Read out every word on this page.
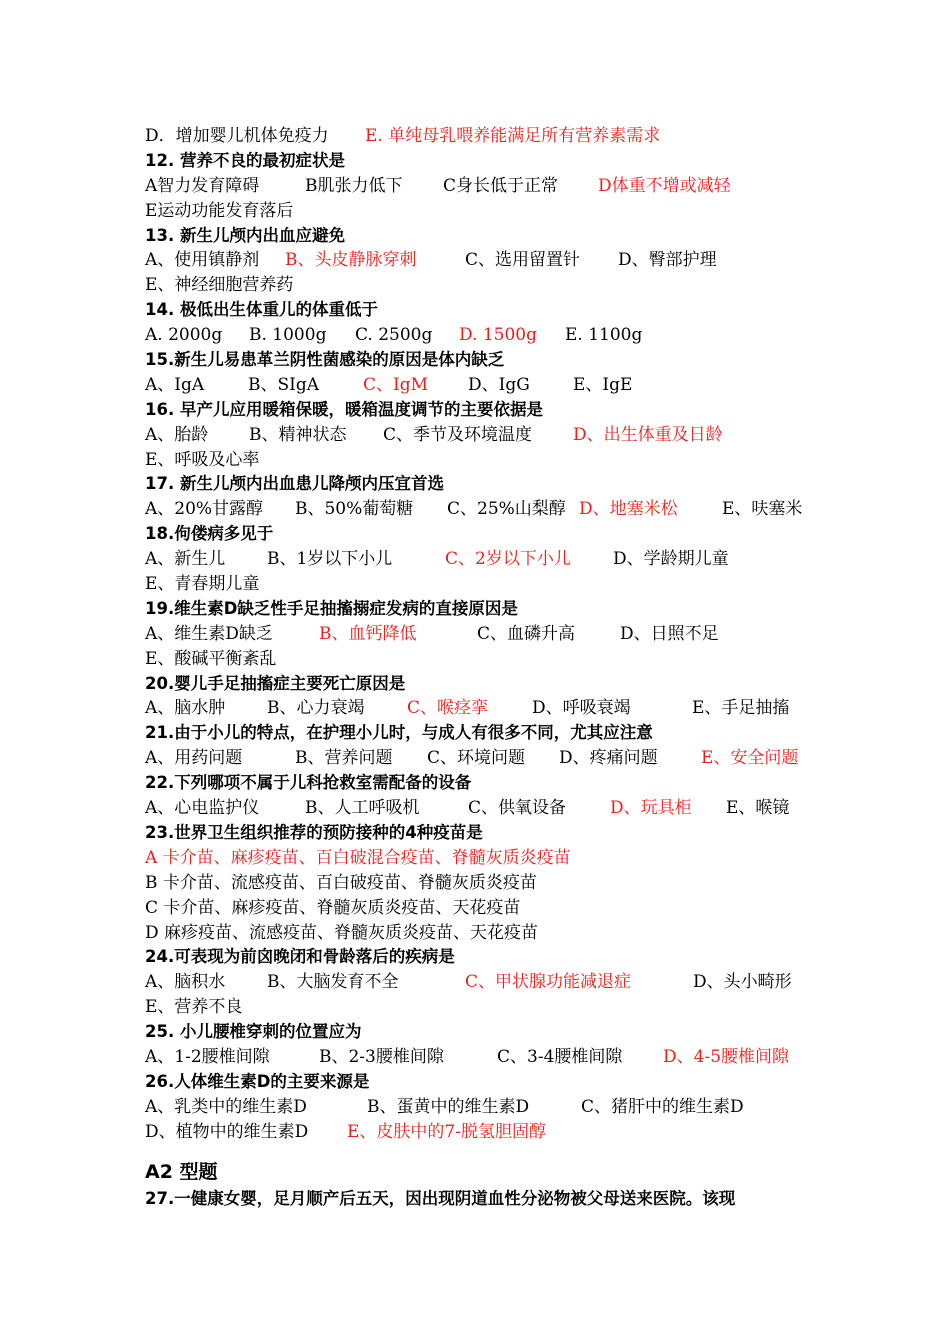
D．增加婴儿机体免疫力 E. 单纯母乳喂养能满足所有营养素需求
12. 营养不良的最初症状是
A智力发育障碍	B肌张力低下 C身长低于正常 D体重不增或减轻
E运动功能发育落后
13. 新生儿颅内出血应避免
A、使用镇静剂 B、头皮静脉穿刺	C、选用留置针 D、臀部护理
E、神经细胞营养药
14. 极低出生体重儿的体重低于
A. 2000g B. 1000g C. 2500g D. 1500g E. 1100g
15.新生儿易患革兰阴性菌感染的原因是体内缺乏
A、IgA	B、SIgA	C、IgM D、IgG	E、IgE
16. 早产儿应用暖箱保暖，暖箱温度调节的主要依据是
A、胎龄 B、精神状态 C、季节及环境温度 D、出生体重及日龄
E、呼吸及心率
17. 新生儿颅内出血患儿降颅内压宜首选
A、20%甘露醇 B、50%葡萄糖 C、25%山梨醇 D、地塞米松	E、呋塞米
18.佝偻病多见于
A、新生儿 B、1岁以下小儿	C、2岁以下小儿 D、学龄期儿童
E、青春期儿童
19.维生素D缺乏性手足抽搐搦症发病的直接原因是
A、维生素D缺乏	B、血钙降低	C、血磷升高	D、日照不足
E、酸碱平衡紊乱
20.婴儿手足抽搐症主要死亡原因是
A、脑水肿 B、心力衰竭	C、喉痉挛	D、呼吸衰竭	E、手足抽搐
21.由于小儿的特点，在护理小儿时，与成人有很多不同，尤其应注意
A、用药问题	B、营养问题 C、环境问题 D、疼痛问题	E、安全问题
22.下列哪项不属于儿科抢救室需配备的设备
A、心电监护仪	B、人工呼吸机	C、供氧设备	D、玩具柜 E、喉镜
23.世界卫生组织推荐的预防接种的4种疫苗是
A 卡介苗、麻疹疫苗、百白破混合疫苗、脊髓灰质炎疫苗
B 卡介苗、流感疫苗、百白破疫苗、脊髓灰质炎疫苗
C 卡介苗、麻疹疫苗、脊髓灰质炎疫苗、天花疫苗
D 麻疹疫苗、流感疫苗、脊髓灰质炎疫苗、天花疫苗
24.可表现为前囟晚闭和骨龄落后的疾病是
A、脑积水 B、大脑发育不全	C、甲状腺功能减退症	D、头小畸形
E、营养不良
25. 小儿腰椎穿刺的位置应为
A、1-2腰椎间隙	B、2-3腰椎间隙	C、3-4腰椎间隙 D、4-5腰椎间隙
26.人体维生素D的主要来源是
A、乳类中的维生素D	B、蛋黄中的维生素D	C、猪肝中的维生素D
D、植物中的维生素D E、皮肤中的7-脱氢胆固醇
A2 型题
27.一健康女婴，足月顺产后五天，因出现阴道血性分泌物被父母送来医院。该现
